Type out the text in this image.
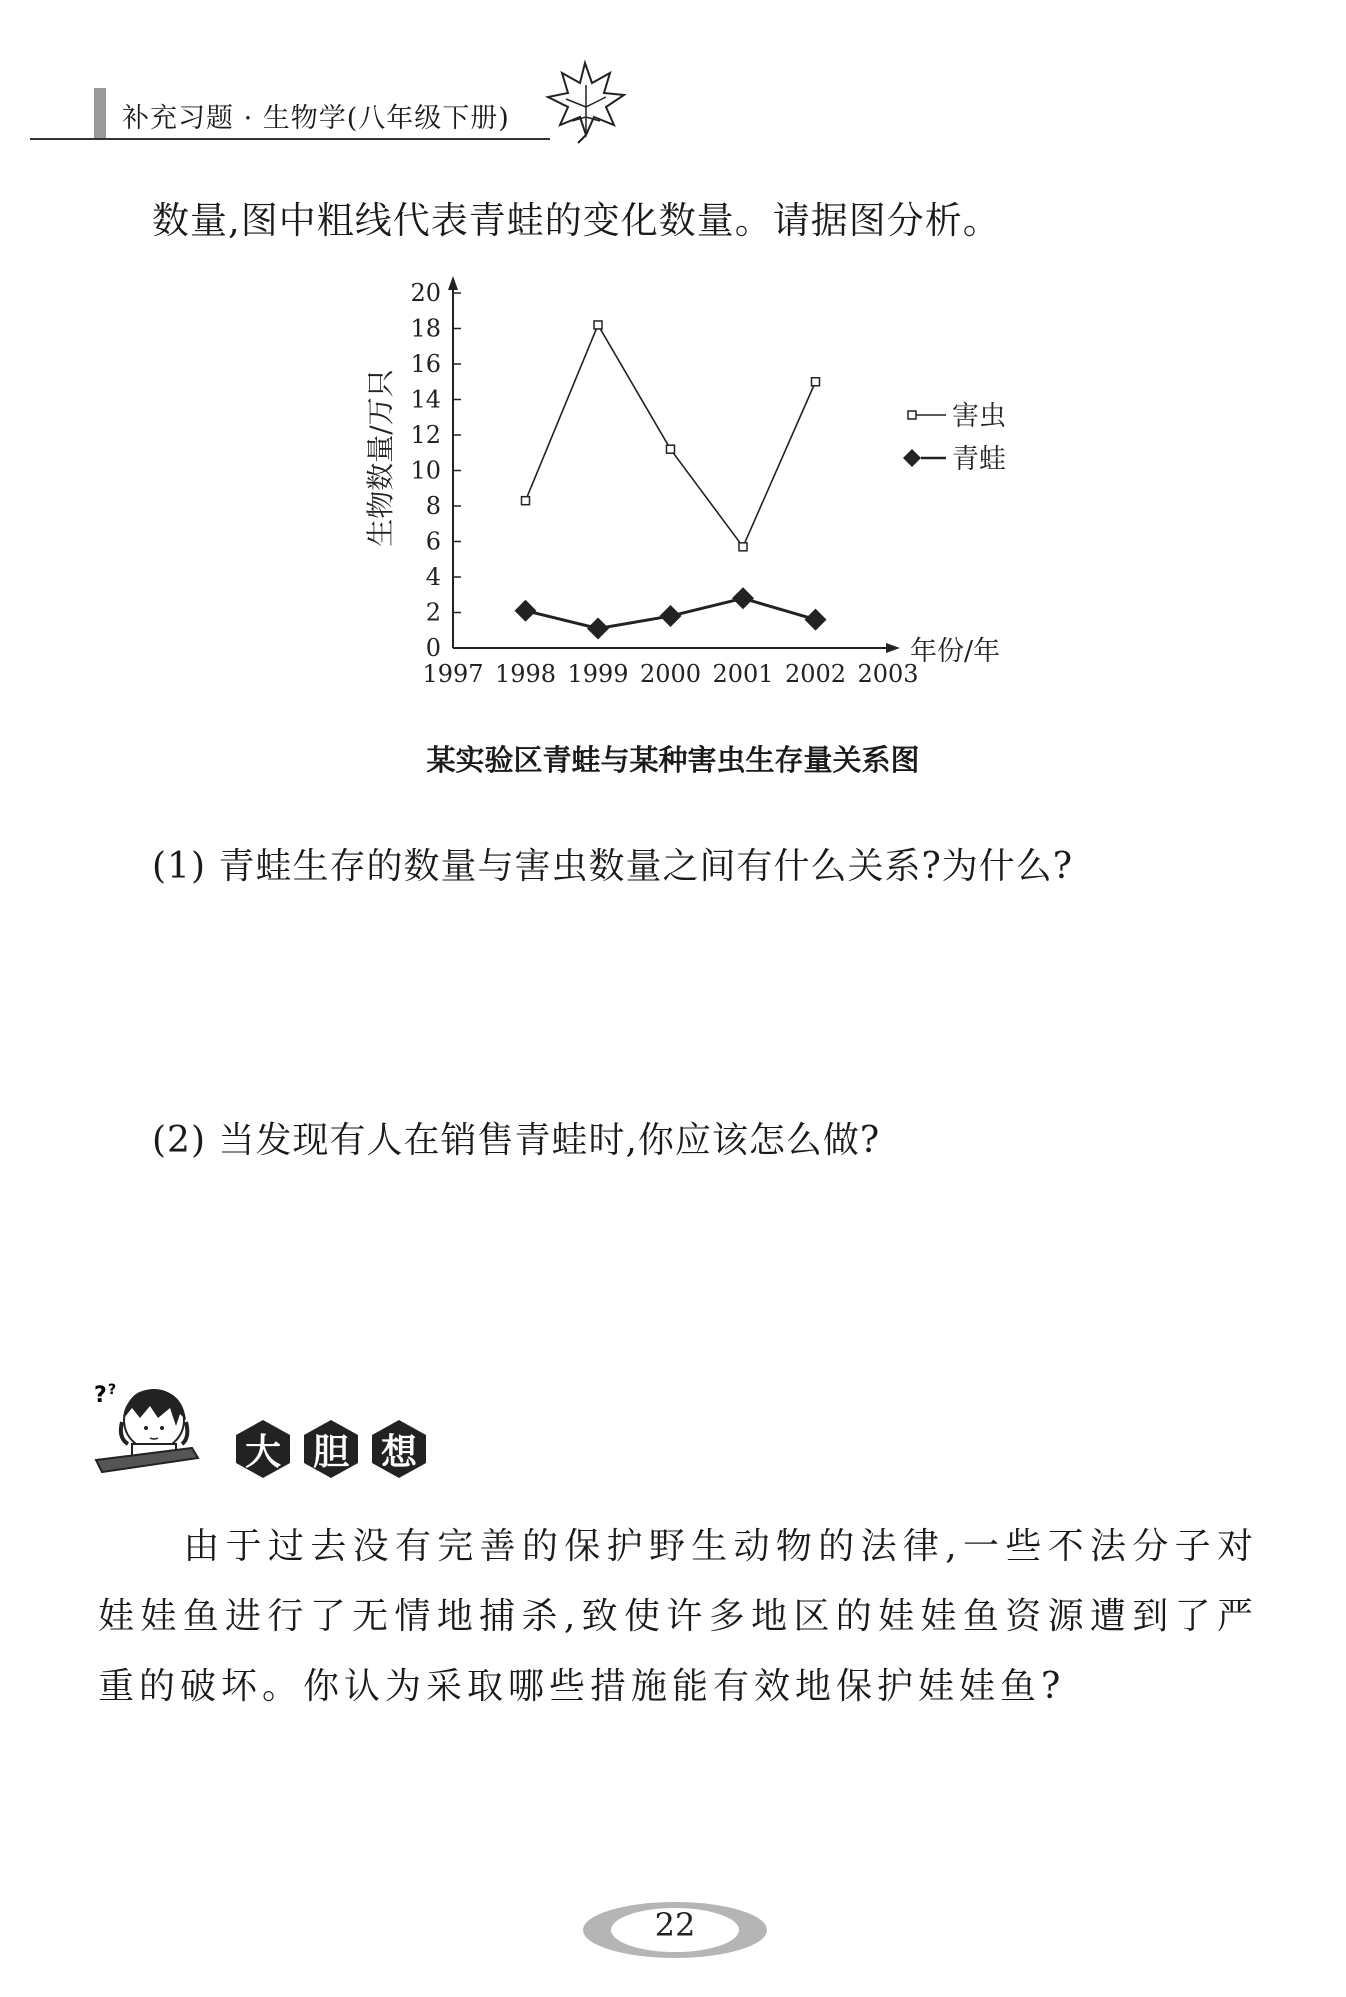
补充习题 · 生物学(八年级下册)
数量,图中粗线代表青蛙的变化数量。请据图分析。
0
2
4
6
8
10
12
14
16
18
20
1997 1998 1999 2000 2001 2002 2003
年份/年
生物数量/万只	害虫
青蛙
某实验区青蛙与某种害虫生存量关系图
(1) 青蛙生存的数量与害虫数量之间有什么关系?为什么?
(2) 当发现有人在销售青蛙时,你应该怎么做?
? ?
大 胆 想
由于过去没有完善的保护野生动物的法律,一些不法分子对娃娃鱼进行了无情地捕杀,致使许多地区的娃娃鱼资源遭到了严重的破坏。你认为采取哪些措施能有效地保护娃娃鱼?
22
